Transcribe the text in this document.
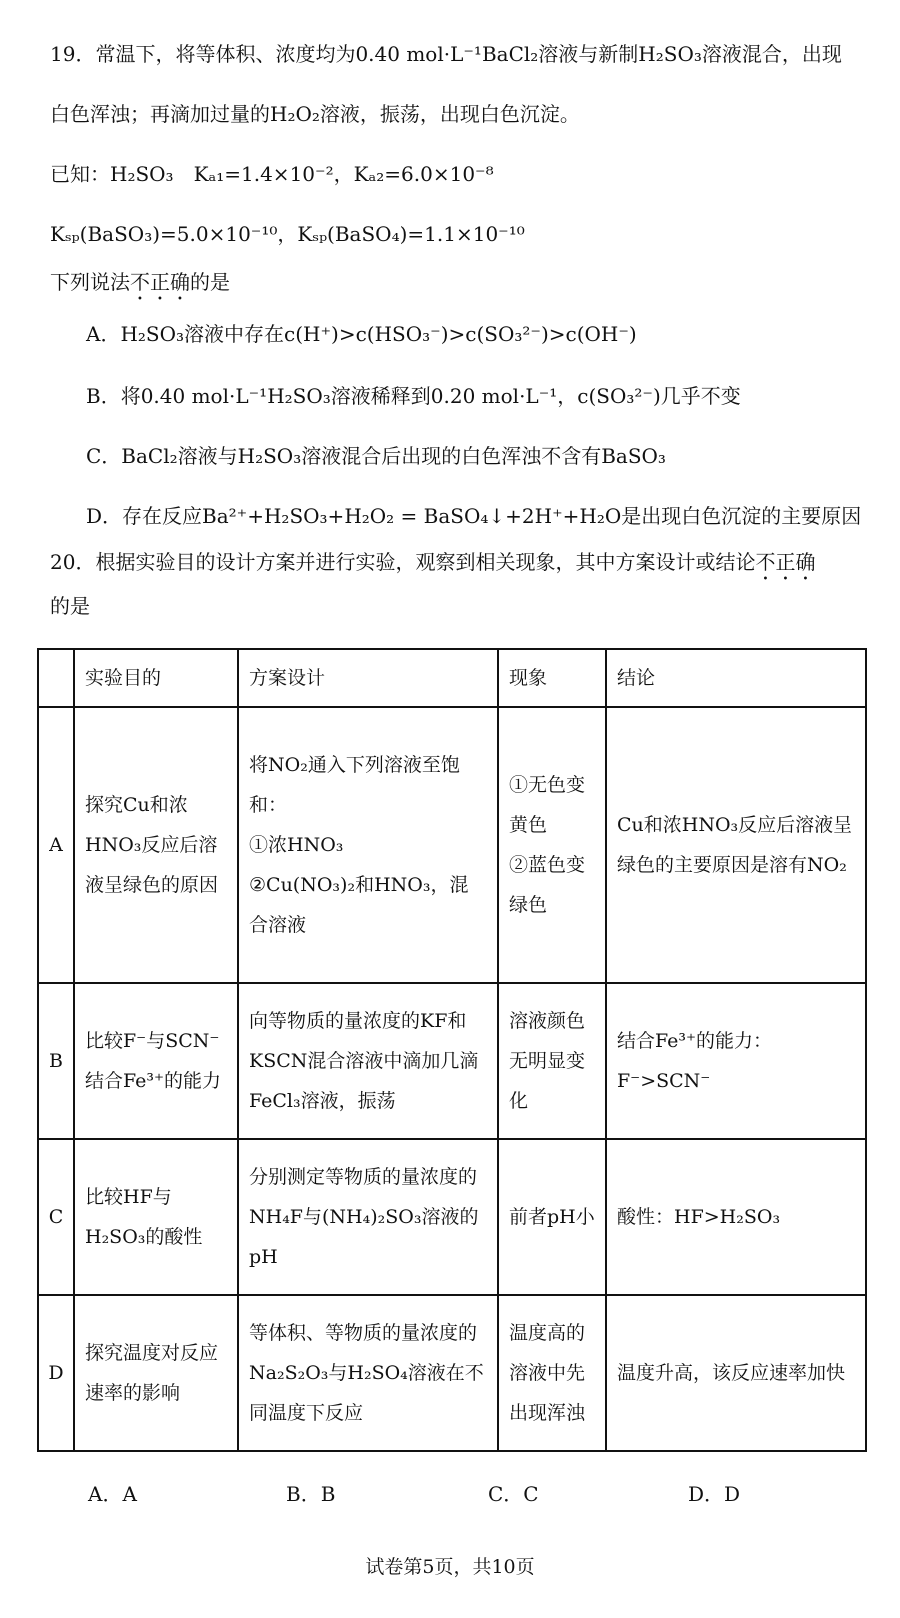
19．常温下，将等体积、浓度均为0.40 mol·L⁻¹BaCl₂溶液与新制H₂SO₃溶液混合，出现
白色浑浊；再滴加过量的H₂O₂溶液，振荡，出现白色沉淀。
已知：H₂SO₃　Kₐ₁=1.4×10⁻²，Kₐ₂=6.0×10⁻⁸
Kₛₚ(BaSO₃)=5.0×10⁻¹⁰，Kₛₚ(BaSO₄)=1.1×10⁻¹⁰
下列说法不正确的是
A．H₂SO₃溶液中存在c(H⁺)>c(HSO₃⁻)>c(SO₃²⁻)>c(OH⁻)
B．将0.40 mol·L⁻¹H₂SO₃溶液稀释到0.20 mol·L⁻¹，c(SO₃²⁻)几乎不变
C．BaCl₂溶液与H₂SO₃溶液混合后出现的白色浑浊不含有BaSO₃
D．存在反应Ba²⁺+H₂SO₃+H₂O₂ = BaSO₄↓+2H⁺+H₂O是出现白色沉淀的主要原因
20．根据实验目的设计方案并进行实验，观察到相关现象，其中方案设计或结论不正确
的是
	实验目的	方案设计	现象	结论
A	探究Cu和浓HNO₃反应后溶液呈绿色的原因	将NO₂通入下列溶液至饱和：
①浓HNO₃
②Cu(NO₃)₂和HNO₃，混合溶液	①无色变黄色
②蓝色变绿色	Cu和浓HNO₃反应后溶液呈绿色的主要原因是溶有NO₂
B	比较F⁻与SCN⁻结合Fe³⁺的能力	向等物质的量浓度的KF和KSCN混合溶液中滴加几滴FeCl₃溶液，振荡	溶液颜色无明显变化	结合Fe³⁺的能力：
F⁻>SCN⁻
C	比较HF与H₂SO₃的酸性	分别测定等物质的量浓度的NH₄F与(NH₄)₂SO₃溶液的pH	前者pH小	酸性：HF>H₂SO₃
D	探究温度对反应速率的影响	等体积、等物质的量浓度的Na₂S₂O₃与H₂SO₄溶液在不同温度下反应	温度高的溶液中先出现浑浊	温度升高，该反应速率加快
A．A	B．B	C．C	D．D
试卷第5页，共10页
